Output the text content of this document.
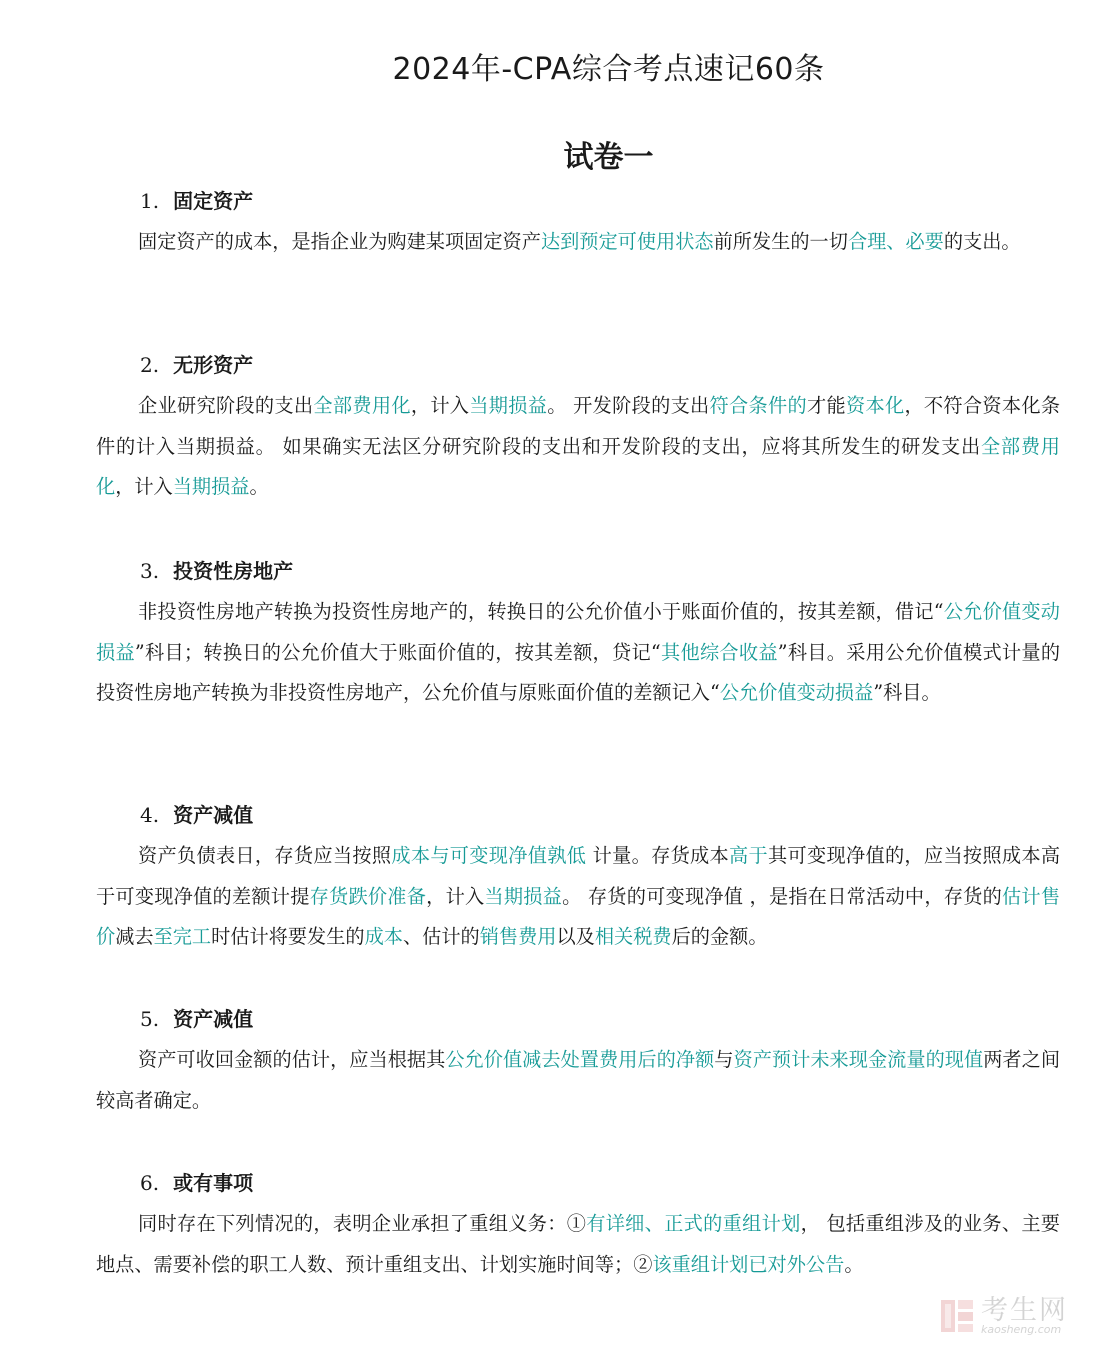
2024年-CPA综合考点速记60条
试卷一
1. 固定资产

固定资产的成本，是指企业为购建某项固定资产达到预定可使用状态前所发生的一切合理、必要的支出。

2. 无形资产

企业研究阶段的支出全部费用化，计入当期损益。 开发阶段的支出符合条件的才能资本化，不符合资本化条件的计入当期损益。 如果确实无法区分研究阶段的支出和开发阶段的支出，应将其所发生的研发支出全部费用化，计入当期损益。

3. 投资性房地产

非投资性房地产转换为投资性房地产的，转换日的公允价值小于账面价值的，按其差额，借记“公允价值变动损益”科目；转换日的公允价值大于账面价值的，按其差额，贷记“其他综合收益”科目。采用公允价值模式计量的投资性房地产转换为非投资性房地产，公允价值与原账面价值的差额记入“公允价值变动损益”科目。

4. 资产减值

资产负债表日，存货应当按照成本与可变现净值孰低 计量。存货成本高于其可变现净值的，应当按照成本高于可变现净值的差额计提存货跌价准备，计入当期损益。 存货的可变现净值 ，是指在日常活动中，存货的估计售价减去至完工时估计将要发生的成本、估计的销售费用以及相关税费后的金额。

5. 资产减值

资产可收回金额的估计，应当根据其公允价值减去处置费用后的净额与资产预计未来现金流量的现值两者之间较高者确定。

6. 或有事项

同时存在下列情况的，表明企业承担了重组义务：①有详细、正式的重组计划， 包括重组涉及的业务、主要地点、需要补偿的职工人数、预计重组支出、计划实施时间等；②该重组计划已对外公告。

考生网
kaosheng.com
